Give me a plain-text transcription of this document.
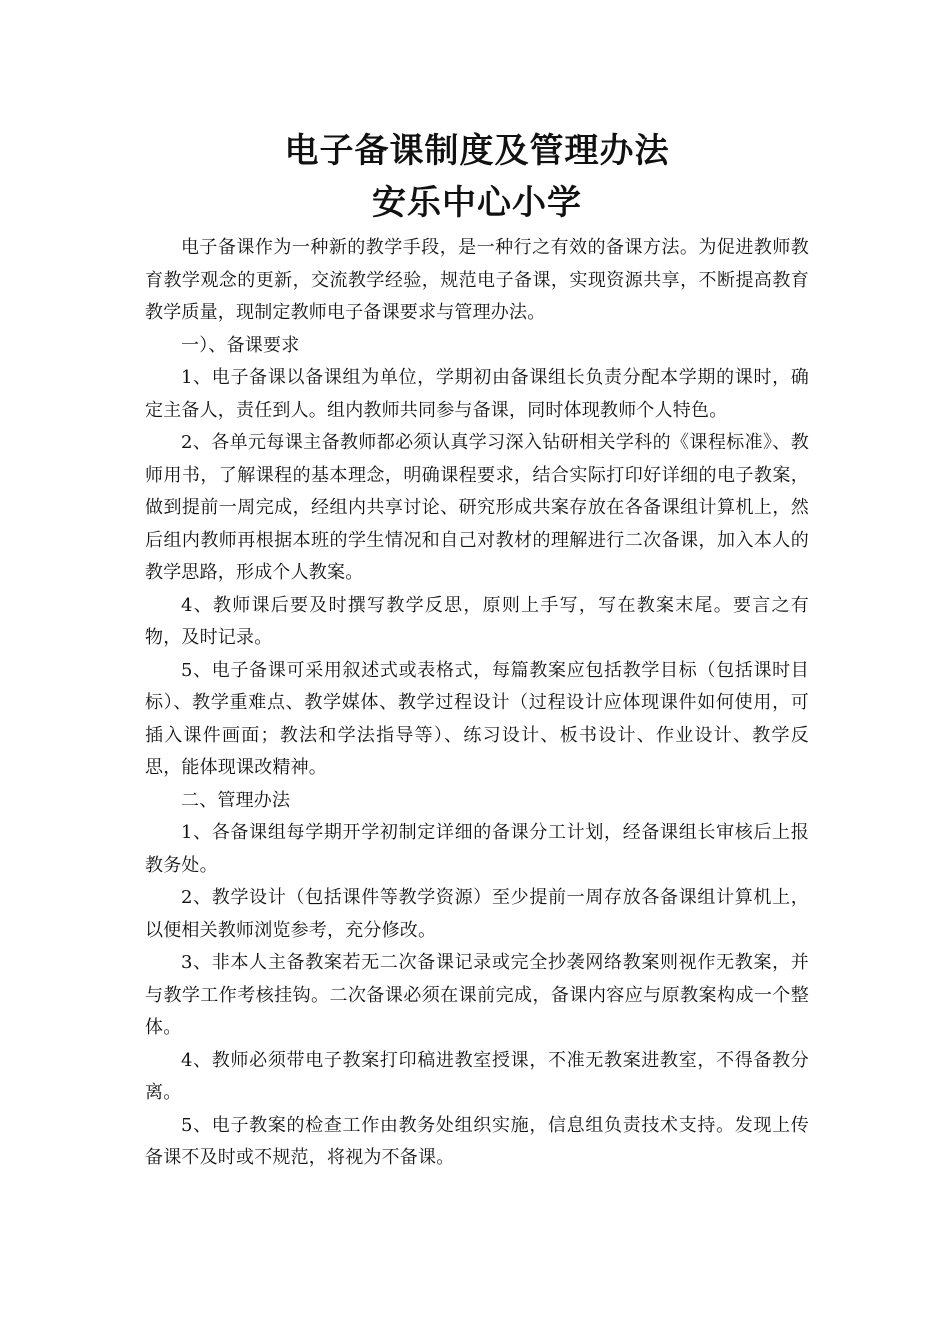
电子备课制度及管理办法
安乐中心小学

电子备课作为一种新的教学手段，是一种行之有效的备课方法。为促进教师教育教学观念的更新，交流教学经验，规范电子备课，实现资源共享，不断提高教育教学质量，现制定教师电子备课要求与管理办法。

一）、备课要求

1、电子备课以备课组为单位，学期初由备课组长负责分配本学期的课时，确定主备人，责任到人。组内教师共同参与备课，同时体现教师个人特色。

2、各单元每课主备教师都必须认真学习深入钻研相关学科的《课程标准》、教师用书，了解课程的基本理念，明确课程要求，结合实际打印好详细的电子教案，做到提前一周完成，经组内共享讨论、研究形成共案存放在各备课组计算机上，然后组内教师再根据本班的学生情况和自己对教材的理解进行二次备课，加入本人的教学思路，形成个人教案。

4、教师课后要及时撰写教学反思，原则上手写，写在教案末尾。要言之有物，及时记录。

5、电子备课可采用叙述式或表格式，每篇教案应包括教学目标（包括课时目标）、教学重难点、教学媒体、教学过程设计（过程设计应体现课件如何使用，可插入课件画面；教法和学法指导等）、练习设计、板书设计、作业设计、教学反思，能体现课改精神。

二、管理办法

1、各备课组每学期开学初制定详细的备课分工计划，经备课组长审核后上报教务处。

2、教学设计（包括课件等教学资源）至少提前一周存放各备课组计算机上，以便相关教师浏览参考，充分修改。

3、非本人主备教案若无二次备课记录或完全抄袭网络教案则视作无教案，并与教学工作考核挂钩。二次备课必须在课前完成，备课内容应与原教案构成一个整体。

4、教师必须带电子教案打印稿进教室授课，不准无教案进教室，不得备教分离。

5、电子教案的检查工作由教务处组织实施，信息组负责技术支持。发现上传备课不及时或不规范，将视为不备课。
